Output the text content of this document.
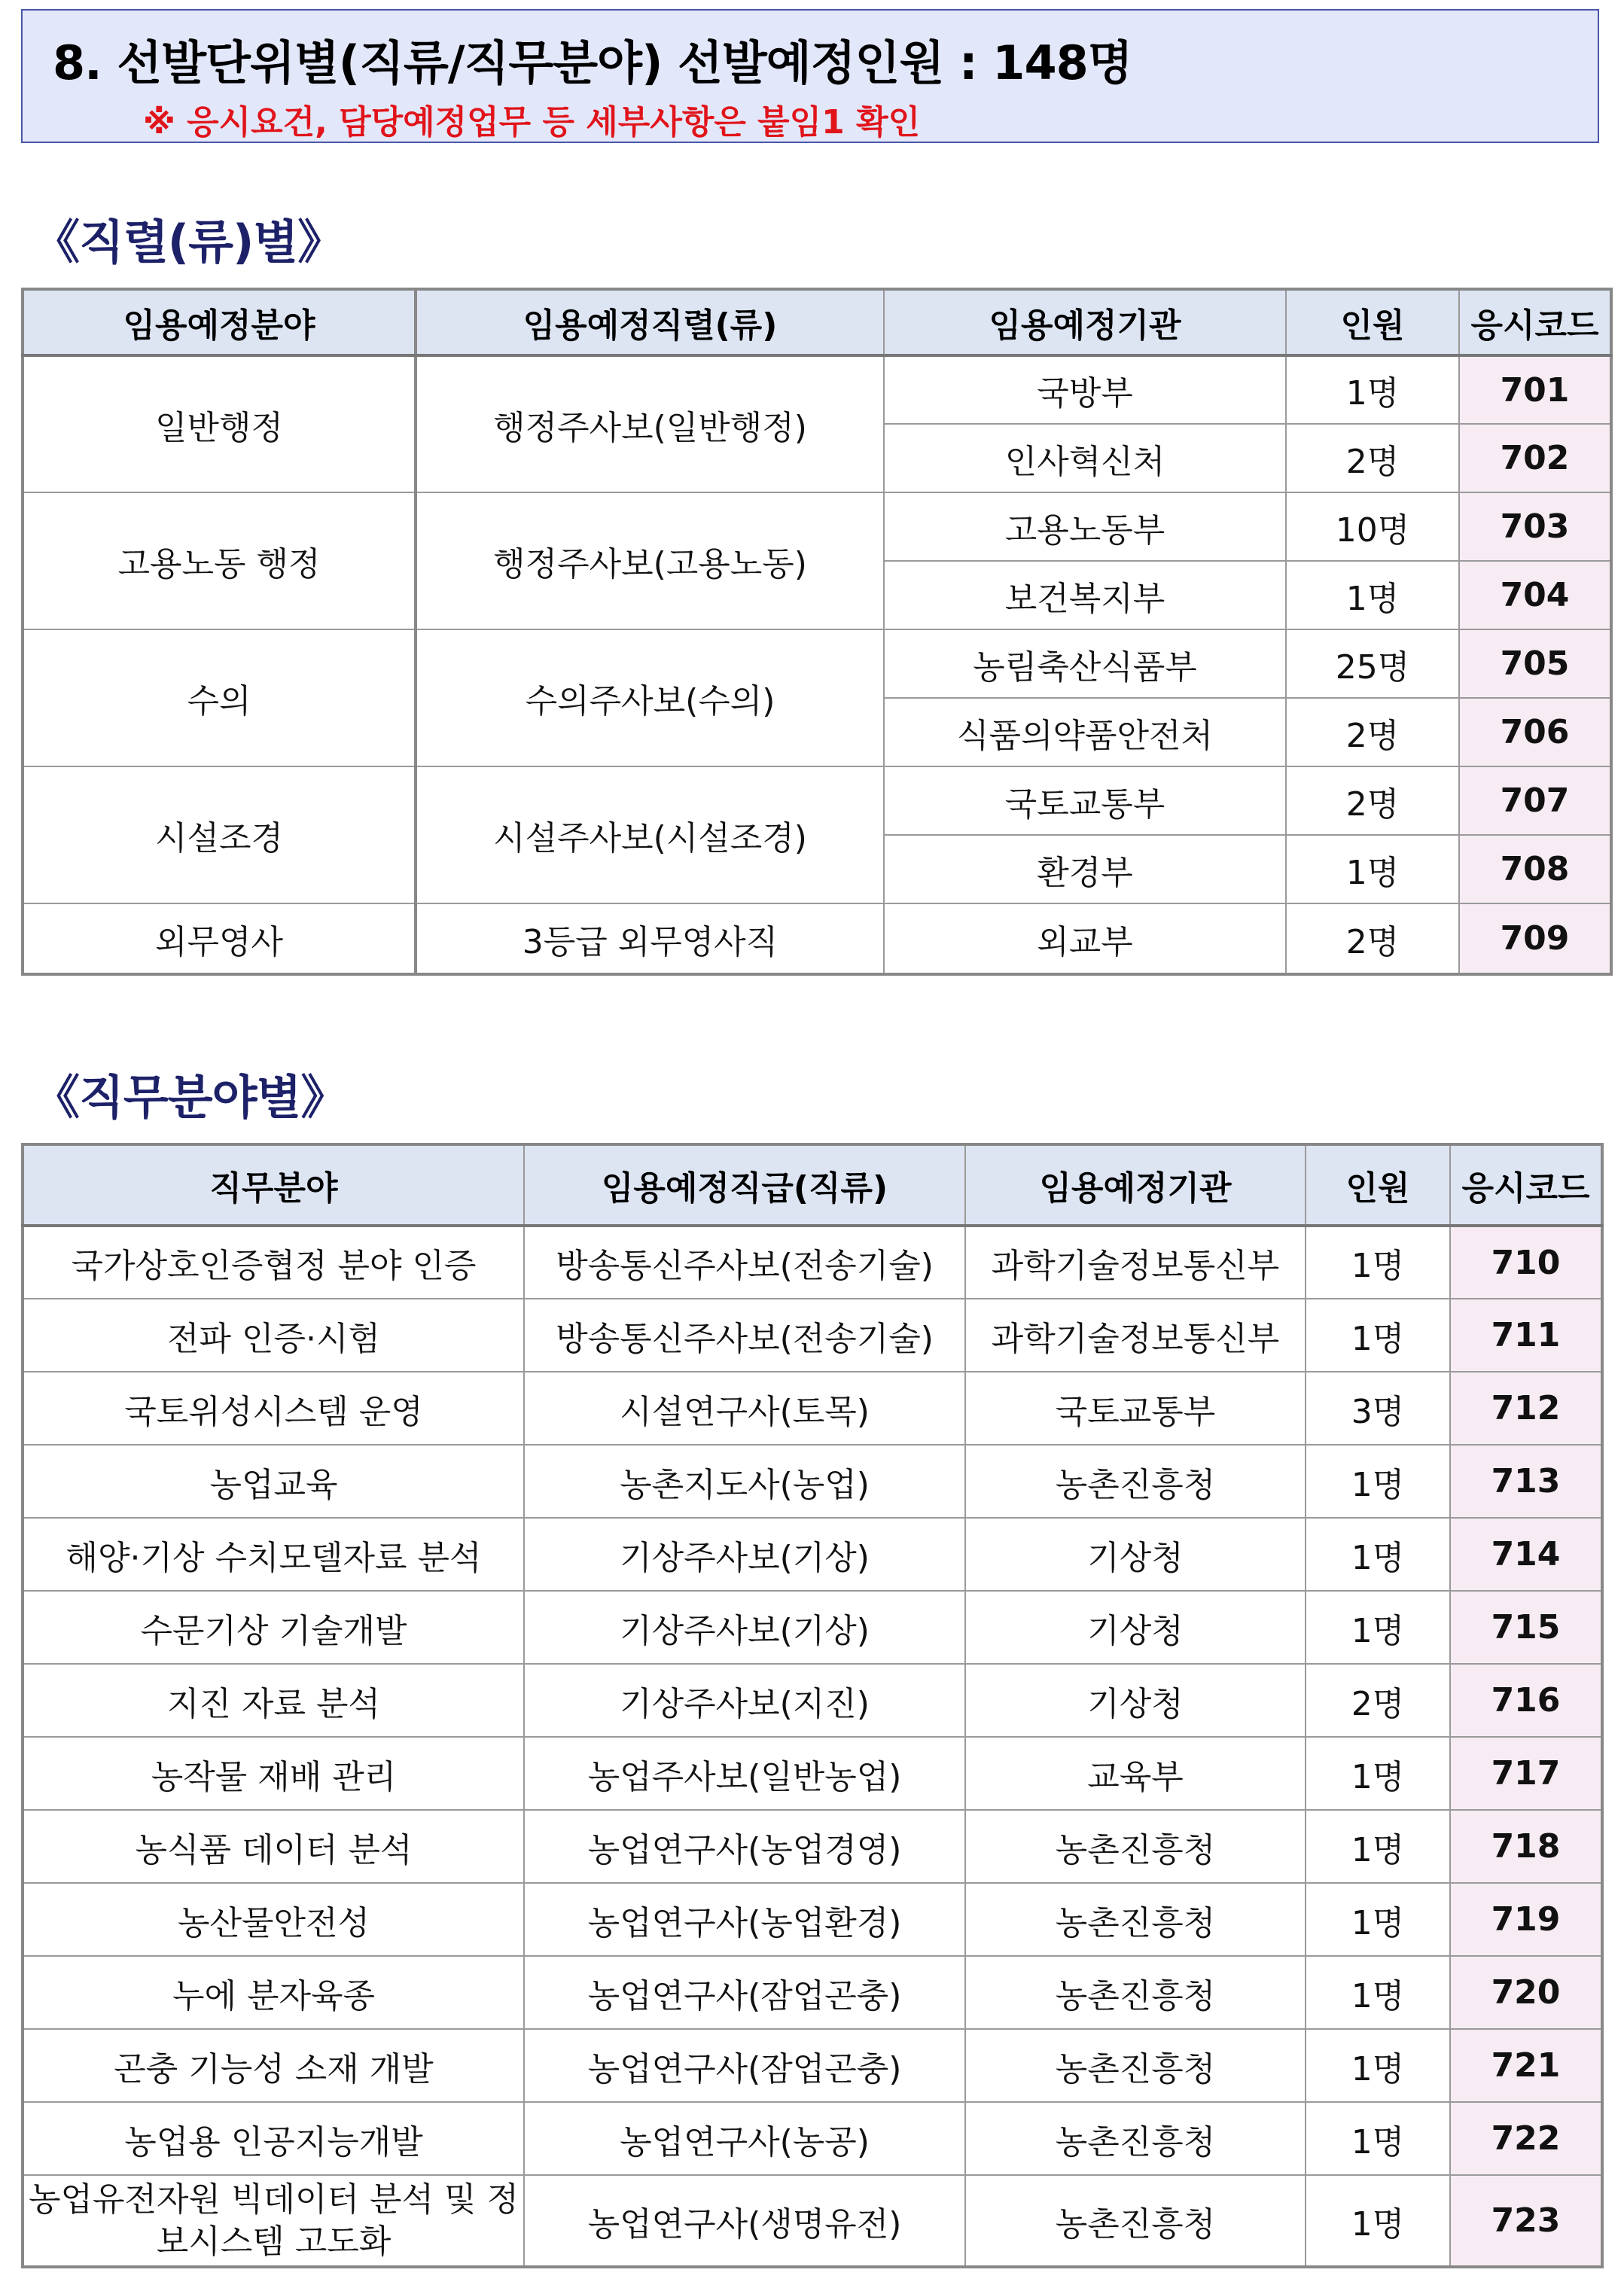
8. 선발단위별(직류/직무분야) 선발예정인원 : 148명
※ 응시요건, 담당예정업무 등 세부사항은 붙임1 확인
《직렬(류)별》
임용예정분야	임용예정직렬(류)	임용예정기관	인원	응시코드
일반행정	행정주사보(일반행정)	국방부	1명	701
		인사혁신처	2명	702
고용노동 행정	행정주사보(고용노동)	고용노동부	10명	703
		보건복지부	1명	704
수의	수의주사보(수의)	농림축산식품부	25명	705
		식품의약품안전처	2명	706
시설조경	시설주사보(시설조경)	국토교통부	2명	707
		환경부	1명	708
외무영사	3등급 외무영사직	외교부	2명	709
《직무분야별》
직무분야	임용예정직급(직류)	임용예정기관	인원	응시코드
국가상호인증협정 분야 인증	방송통신주사보(전송기술)	과학기술정보통신부	1명	710
전파 인증·시험	방송통신주사보(전송기술)	과학기술정보통신부	1명	711
국토위성시스템 운영	시설연구사(토목)	국토교통부	3명	712
농업교육	농촌지도사(농업)	농촌진흥청	1명	713
해양·기상 수치모델자료 분석	기상주사보(기상)	기상청	1명	714
수문기상 기술개발	기상주사보(기상)	기상청	1명	715
지진 자료 분석	기상주사보(지진)	기상청	2명	716
농작물 재배 관리	농업주사보(일반농업)	교육부	1명	717
농식품 데이터 분석	농업연구사(농업경영)	농촌진흥청	1명	718
농산물안전성	농업연구사(농업환경)	농촌진흥청	1명	719
누에 분자육종	농업연구사(잠업곤충)	농촌진흥청	1명	720
곤충 기능성 소재 개발	농업연구사(잠업곤충)	농촌진흥청	1명	721
농업용 인공지능개발	농업연구사(농공)	농촌진흥청	1명	722
농업유전자원 빅데이터 분석 및 정보시스템 고도화	농업연구사(생명유전)	농촌진흥청	1명	723
